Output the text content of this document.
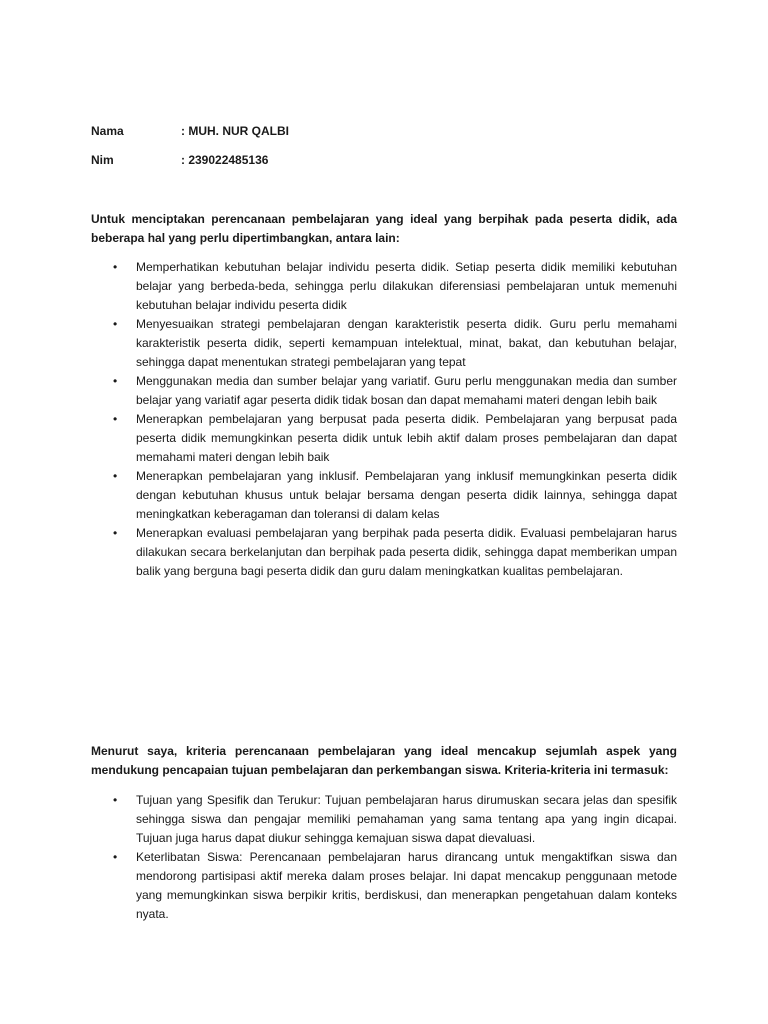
Nama	: MUH. NUR QALBI
Nim	: 239022485136

Untuk menciptakan perencanaan pembelajaran yang ideal yang berpihak pada peserta didik, ada beberapa hal yang perlu dipertimbangkan, antara lain:

• Memperhatikan kebutuhan belajar individu peserta didik. Setiap peserta didik memiliki kebutuhan belajar yang berbeda-beda, sehingga perlu dilakukan diferensiasi pembelajaran untuk memenuhi kebutuhan belajar individu peserta didik
• Menyesuaikan strategi pembelajaran dengan karakteristik peserta didik. Guru perlu memahami karakteristik peserta didik, seperti kemampuan intelektual, minat, bakat, dan kebutuhan belajar, sehingga dapat menentukan strategi pembelajaran yang tepat
• Menggunakan media dan sumber belajar yang variatif. Guru perlu menggunakan media dan sumber belajar yang variatif agar peserta didik tidak bosan dan dapat memahami materi dengan lebih baik
• Menerapkan pembelajaran yang berpusat pada peserta didik. Pembelajaran yang berpusat pada peserta didik memungkinkan peserta didik untuk lebih aktif dalam proses pembelajaran dan dapat memahami materi dengan lebih baik
• Menerapkan pembelajaran yang inklusif. Pembelajaran yang inklusif memungkinkan peserta didik dengan kebutuhan khusus untuk belajar bersama dengan peserta didik lainnya, sehingga dapat meningkatkan keberagaman dan toleransi di dalam kelas
• Menerapkan evaluasi pembelajaran yang berpihak pada peserta didik. Evaluasi pembelajaran harus dilakukan secara berkelanjutan dan berpihak pada peserta didik, sehingga dapat memberikan umpan balik yang berguna bagi peserta didik dan guru dalam meningkatkan kualitas pembelajaran.

Menurut saya, kriteria perencanaan pembelajaran yang ideal mencakup sejumlah aspek yang mendukung pencapaian tujuan pembelajaran dan perkembangan siswa. Kriteria-kriteria ini termasuk:

• Tujuan yang Spesifik dan Terukur: Tujuan pembelajaran harus dirumuskan secara jelas dan spesifik sehingga siswa dan pengajar memiliki pemahaman yang sama tentang apa yang ingin dicapai. Tujuan juga harus dapat diukur sehingga kemajuan siswa dapat dievaluasi.
• Keterlibatan Siswa: Perencanaan pembelajaran harus dirancang untuk mengaktifkan siswa dan mendorong partisipasi aktif mereka dalam proses belajar. Ini dapat mencakup penggunaan metode yang memungkinkan siswa berpikir kritis, berdiskusi, dan menerapkan pengetahuan dalam konteks nyata.
